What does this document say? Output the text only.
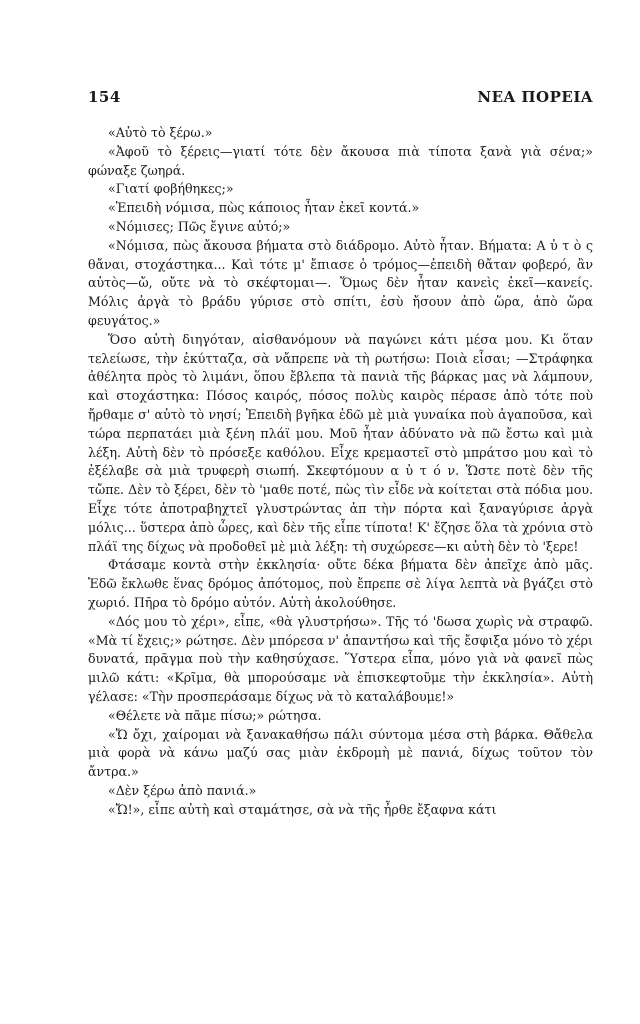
154	ΝΕΑ ΠΟΡΕΙΑ

«Αὐτὸ τὸ ξέρω.»

«Ἀφοῦ τὸ ξέρεις—γιατί τότε δὲν ἄκουσα πιὰ τίποτα ξανὰ γιὰ σένα;» φώναξε ζωηρά.

«Γιατί φοβήθηκες;»

«Ἐπειδὴ νόμισα, πὼς κάποιος ἦταν ἐκεῖ κοντά.»

«Νόμισες; Πῶς ἔγινε αὐτό;»

«Νόμισα, πὼς ἄκουσα βήματα στὸ διάδρομο. Αὐτὸ ἦταν. Βήματα: Α ὐ τ ὸ ς θἄναι, στοχάστηκα... Καὶ τότε μ' ἔπιασε ὁ τρόμος—ἐπειδὴ θἄταν φοβερό, ἂν αὐτὸς—ὤ, οὔτε νὰ τὸ σκέφτομαι—. Ὅμως δὲν ἦταν κανεὶς ἐκεῖ—κανείς. Μόλις ἀργὰ τὸ βράδυ γύρισε στὸ σπίτι, ἐσὺ ἤσουν ἀπὸ ὥρα, ἀπὸ ὥρα φευγάτος.»

Ὅσο αὐτὴ διηγόταν, αἰσθανόμουν νὰ παγώνει κάτι μέσα μου. Κι ὅταν τελείωσε, τὴν ἐκύτταζα, σὰ νἄπρεπε νὰ τὴ ρωτήσω: Ποιὰ εἶσαι; —Στράφηκα ἀθέλητα πρὸς τὸ λιμάνι, ὅπου ἔβλεπα τὰ πανιὰ τῆς βάρκας μας νὰ λάμπουν, καὶ στοχάστηκα: Πόσος καιρός, πόσος πολὺς καιρὸς πέρασε ἀπὸ τότε ποὺ ἤρθαμε σ' αὐτὸ τὸ νησί; Ἐπειδὴ βγῆκα ἐδῶ μὲ μιὰ γυναίκα ποὺ ἀγαποῦσα, καὶ τώρα περπατάει μιὰ ξένη πλάϊ μου. Μοῦ ἦταν ἀδύνατο νὰ πῶ ἔστω καὶ μιὰ λέξη. Αὐτὴ δὲν τὸ πρόσεξε καθόλου. Εἶχε κρεμαστεῖ στὸ μπράτσο μου καὶ τὸ ἐξέλαβε σὰ μιὰ τρυφερὴ σιωπή. Σκεφτόμουν α ὐ τ ό ν. Ὥστε ποτὲ δὲν τῆς τὤπε. Δὲν τὸ ξέρει, δὲν τὸ 'μαθε ποτέ, πὼς τὶν εἶδε νὰ κοίτεται στὰ πόδια μου. Εἶχε τότε ἀποτραβηχτεῖ γλυστρώντας ἀπ τὴν πόρτα καὶ ξαναγύρισε ἀργὰ μόλις... ὕστερα ἀπὸ ὧρες, καὶ δὲν τῆς εἶπε τίποτα! Κ' ἔζησε ὅλα τὰ χρόνια στὸ πλάϊ της δίχως νὰ προδοθεῖ μὲ μιὰ λέξη: τὴ συχώρεσε—κι αὐτὴ δὲν τὸ 'ξερε!

Φτάσαμε κοντὰ στὴν ἐκκλησία· οὔτε δέκα βήματα δὲν ἀπεῖχε ἀπὸ μᾶς. Ἐδῶ ἔκλωθε ἕνας δρόμος ἀπότομος, ποὺ ἔπρεπε σὲ λίγα λεπτὰ νὰ βγάζει στὸ χωριό. Πῆρα τὸ δρόμο αὐτόν. Αὐτὴ ἀκολούθησε.

«Δός μου τὸ χέρι», εἶπε, «θὰ γλυστρήσω». Τῆς τό 'δωσα χωρὶς νὰ στραφῶ. «Μὰ τί ἔχεις;» ρώτησε. Δὲν μπόρεσα ν' ἀπαντήσω καὶ τῆς ἔσφιξα μόνο τὸ χέρι δυνατά, πρᾶγμα ποὺ τὴν καθησύχασε. Ὕστερα εἶπα, μόνο γιὰ νὰ φανεῖ πὼς μιλῶ κάτι: «Κρῖμα, θὰ μπορούσαμε νὰ ἐπισκεφτοῦμε τὴν ἐκκλησία». Αὐτὴ γέλασε: «Τὴν προσπεράσαμε δίχως νὰ τὸ καταλάβουμε!»

«Θέλετε νὰ πᾶμε πίσω;» ρώτησα.

«Ὤ ὄχι, χαίρομαι νὰ ξανακαθήσω πάλι σύντομα μέσα στὴ βάρκα. Θἄθελα μιὰ φορὰ νὰ κάνω μαζύ σας μιὰν ἐκδρομὴ μὲ πανιά, δίχως τοῦτον τὸν ἄντρα.»

«Δὲν ξέρω ἀπὸ πανιά.»

«Ὤ!», εἶπε αὐτὴ καὶ σταμάτησε, σὰ νὰ τῆς ἦρθε ἔξαφνα κάτι
